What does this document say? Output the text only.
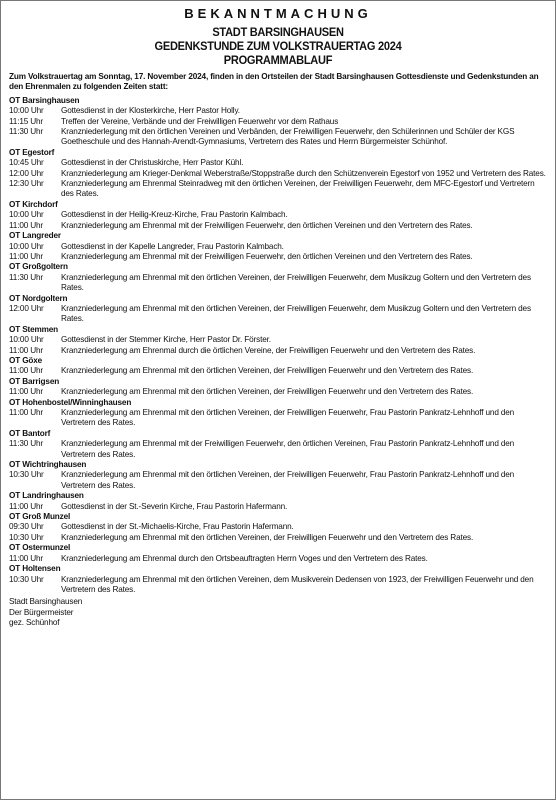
BEKANNTMACHUNG
STADT BARSINGHAUSEN
GEDENKSTUNDE ZUM VOLKSTRAUERTAG 2024
PROGRAMMABLAUF
Zum Volkstrauertag am Sonntag, 17. November 2024, finden in den Ortsteilen der Stadt Barsinghausen Gottesdienste und Gedenkstunden an den Ehrenmalen zu folgenden Zeiten statt:
OT Barsinghausen
10:00 Uhr	Gottesdienst in der Klosterkirche, Herr Pastor Holly.
11:15 Uhr	Treffen der Vereine, Verbände und der Freiwilligen Feuerwehr vor dem Rathaus
11:30 Uhr	Kranzniederlegung mit den örtlichen Vereinen und Verbänden, der Freiwilligen Feuerwehr, den Schülerinnen und Schüler der KGS Goetheschule und des Hannah-Arendt-Gymnasiums, Vertretern des Rates und Herrn Bürgermeister Schünhof.
OT Egestorf
10:45 Uhr	Gottesdienst in der Christuskirche, Herr Pastor Kühl.
12:00 Uhr	Kranzniederlegung am Krieger-Denkmal Weberstraße/Stoppstraße durch den Schützenverein Egestorf von 1952 und Vertretern des Rates.
12:30 Uhr	Kranzniederlegung am Ehrenmal Steinradweg mit den örtlichen Vereinen, der Freiwilligen Feuerwehr, dem MFC-Egestorf und Vertretern des Rates.
OT Kirchdorf
10:00 Uhr	Gottesdienst in der Heilig-Kreuz-Kirche, Frau Pastorin Kalmbach.
11:00 Uhr	Kranzniederlegung am Ehrenmal mit der Freiwilligen Feuerwehr, den örtlichen Vereinen und den Vertretern des Rates.
OT Langreder
10:00 Uhr	Gottesdienst in der Kapelle Langreder, Frau Pastorin Kalmbach.
11:00 Uhr	Kranzniederlegung am Ehrenmal mit der Freiwilligen Feuerwehr, den örtlichen Vereinen und den Vertretern des Rates.
OT Großgoltern
11:30 Uhr	Kranzniederlegung am Ehrenmal mit den örtlichen Vereinen, der Freiwilligen Feuerwehr, dem Musikzug Goltern und den Vertretern des Rates.
OT Nordgoltern
12:00 Uhr	Kranzniederlegung am Ehrenmal mit den örtlichen Vereinen, der Freiwilligen Feuerwehr, dem Musikzug Goltern und den Vertretern des Rates.
OT Stemmen
10:00 Uhr	Gottesdienst in der Stemmer Kirche, Herr Pastor Dr. Förster.
11:00 Uhr	Kranzniederlegung am Ehrenmal durch die örtlichen Vereine, der Freiwilligen Feuerwehr und den Vertretern des Rates.
OT Göxe
11:00 Uhr	Kranzniederlegung am Ehrenmal mit den örtlichen Vereinen, der Freiwilligen Feuerwehr und den Vertretern des Rates.
OT Barrigsen
11:00 Uhr	Kranzniederlegung am Ehrenmal mit den örtlichen Vereinen, der Freiwilligen Feuerwehr und den Vertretern des Rates.
OT Hohenbostel/Winninghausen
11:00 Uhr	Kranzniederlegung am Ehrenmal mit den örtlichen Vereinen, der Freiwilligen Feuerwehr, Frau Pastorin Pankratz-Lehnhoff und den Vertretern des Rates.
OT Bantorf
11:30 Uhr	Kranzniederlegung am Ehrenmal mit der Freiwilligen Feuerwehr, den örtlichen Vereinen, Frau Pastorin Pankratz-Lehnhoff und den Vertretern des Rates.
OT Wichtringhausen
10:30 Uhr	Kranzniederlegung am Ehrenmal mit den örtlichen Vereinen, der Freiwilligen Feuerwehr, Frau Pastorin Pankratz-Lehnhoff und den Vertretern des Rates.
OT Landringhausen
11:00 Uhr	Gottesdienst in der St.-Severin Kirche, Frau Pastorin Hafermann.
OT Groß Munzel
09:30 Uhr	Gottesdienst in der St.-Michaelis-Kirche, Frau Pastorin Hafermann.
10:30 Uhr	Kranzniederlegung am Ehrenmal mit den örtlichen Vereinen, der Freiwilligen Feuerwehr und den Vertretern des Rates.
OT Ostermunzel
11:00 Uhr	Kranzniederlegung am Ehrenmal durch den Ortsbeauftragten Herrn Voges und den Vertretern des Rates.
OT Holtensen
10:30 Uhr	Kranzniederlegung am Ehrenmal mit den örtlichen Vereinen, dem Musikverein Dedensen von 1923, der Freiwilligen Feuerwehr und den Vertretern des Rates.
Stadt Barsinghausen
Der Bürgermeister
gez. Schünhof
